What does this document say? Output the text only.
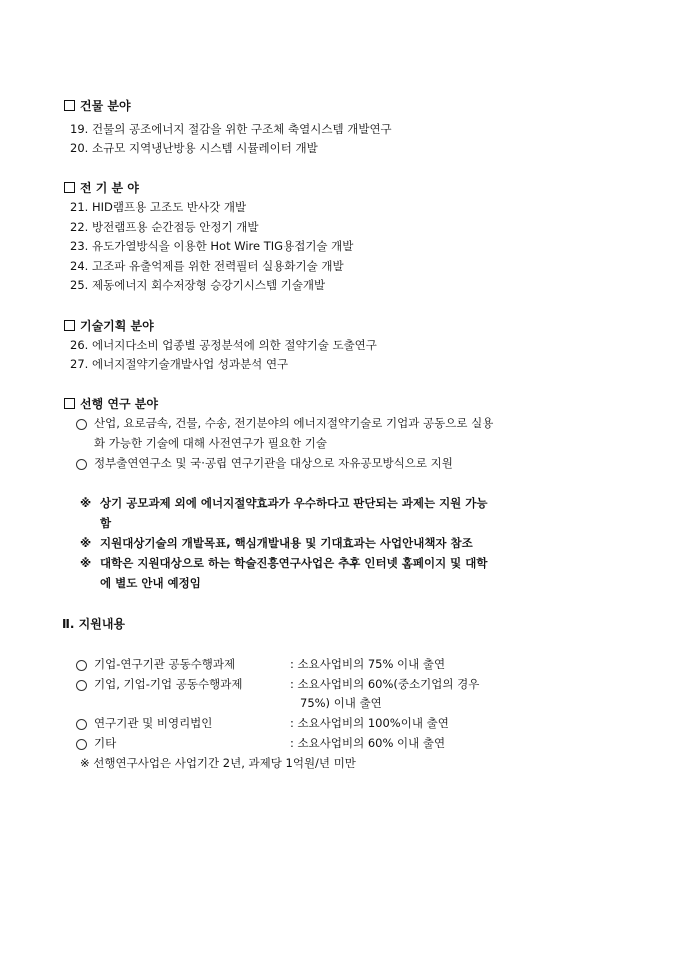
건물 분야
19. 건물의 공조에너지 절감을 위한 구조체 축열시스템 개발연구
20. 소규모 지역냉난방용 시스템 시뮬레이터 개발
전 기 분 야
21. HID램프용 고조도 반사갓 개발
22. 방전램프용 순간점등 안정기 개발
23. 유도가열방식을 이용한 Hot Wire TIG용접기술 개발
24. 고조파 유출억제를 위한 전력필터 실용화기술 개발
25. 제동에너지 회수저장형 승강기시스템 기술개발
기술기획 분야
26. 에너지다소비 업종별 공정분석에 의한 절약기술 도출연구
27. 에너지절약기술개발사업 성과분석 연구
선행 연구 분야
산업, 요로금속, 건물, 수송, 전기분야의 에너지절약기술로 기업과 공동으로 실용
화 가능한 기술에 대해 사전연구가 필요한 기술
정부출연연구소 및 국·공립 연구기관을 대상으로 자유공모방식으로 지원
※ 상기 공모과제 외에 에너지절약효과가 우수하다고 판단되는 과제는 지원 가능
함
※ 지원대상기술의 개발목표, 핵심개발내용 및 기대효과는 사업안내책자 참조
※ 대학은 지원대상으로 하는 학술진흥연구사업은 추후 인터넷 홈페이지 및 대학
에 별도 안내 예정임
Ⅱ. 지원내용
기업-연구기관 공동수행과제	: 소요사업비의 75% 이내 출연
기업, 기업-기업 공동수행과제	: 소요사업비의 60%(중소기업의 경우
75%) 이내 출연
연구기관 및 비영리법인	: 소요사업비의 100%이내 출연
기타	: 소요사업비의 60% 이내 출연
※ 선행연구사업은 사업기간 2년, 과제당 1억원/년 미만
